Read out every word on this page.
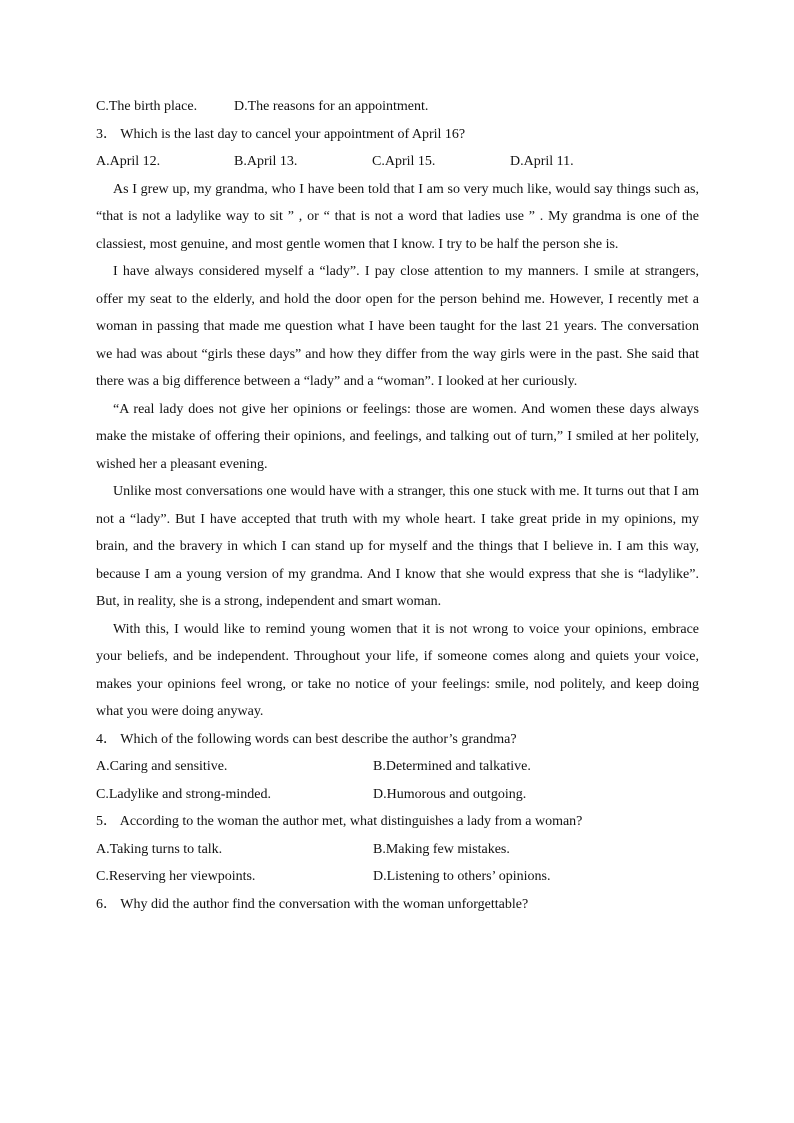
C.The birth place.	D.The reasons for an appointment.
3． Which is the last day to cancel your appointment of April 16?
A.April 12.	B.April 13.	C.April 15.	D.April 11.

As I grew up, my grandma, who I have been told that I am so very much like, would say things such as, “that is not a ladylike way to sit ” , or “ that is not a word that ladies use ” . My grandma is one of the classiest, most genuine, and most gentle women that I know. I try to be half the person she is.

I have always considered myself a “lady”. I pay close attention to my manners. I smile at strangers, offer my seat to the elderly, and hold the door open for the person behind me. However, I recently met a woman in passing that made me question what I have been taught for the last 21 years. The conversation we had was about “girls these days” and how they differ from the way girls were in the past. She said that there was a big difference between a “lady” and a “woman”. I looked at her curiously.

“A real lady does not give her opinions or feelings: those are women. And women these days always make the mistake of offering their opinions, and feelings, and talking out of turn,” I smiled at her politely, wished her a pleasant evening.

Unlike most conversations one would have with a stranger, this one stuck with me. It turns out that I am not a “lady”. But I have accepted that truth with my whole heart. I take great pride in my opinions, my brain, and the bravery in which I can stand up for myself and the things that I believe in. I am this way, because I am a young version of my grandma. And I know that she would express that she is “ladylike”. But, in reality, she is a strong, independent and smart woman.

With this, I would like to remind young women that it is not wrong to voice your opinions, embrace your beliefs, and be independent. Throughout your life, if someone comes along and quiets your voice, makes your opinions feel wrong, or take no notice of your feelings: smile, nod politely, and keep doing what you were doing anyway.

4． Which of the following words can best describe the author’s grandma?
A.Caring and sensitive.	B.Determined and talkative.
C.Ladylike and strong-minded.	D.Humorous and outgoing.
5． According to the woman the author met, what distinguishes a lady from a woman?
A.Taking turns to talk.	B.Making few mistakes.
C.Reserving her viewpoints.	D.Listening to others’ opinions.
6． Why did the author find the conversation with the woman unforgettable?
